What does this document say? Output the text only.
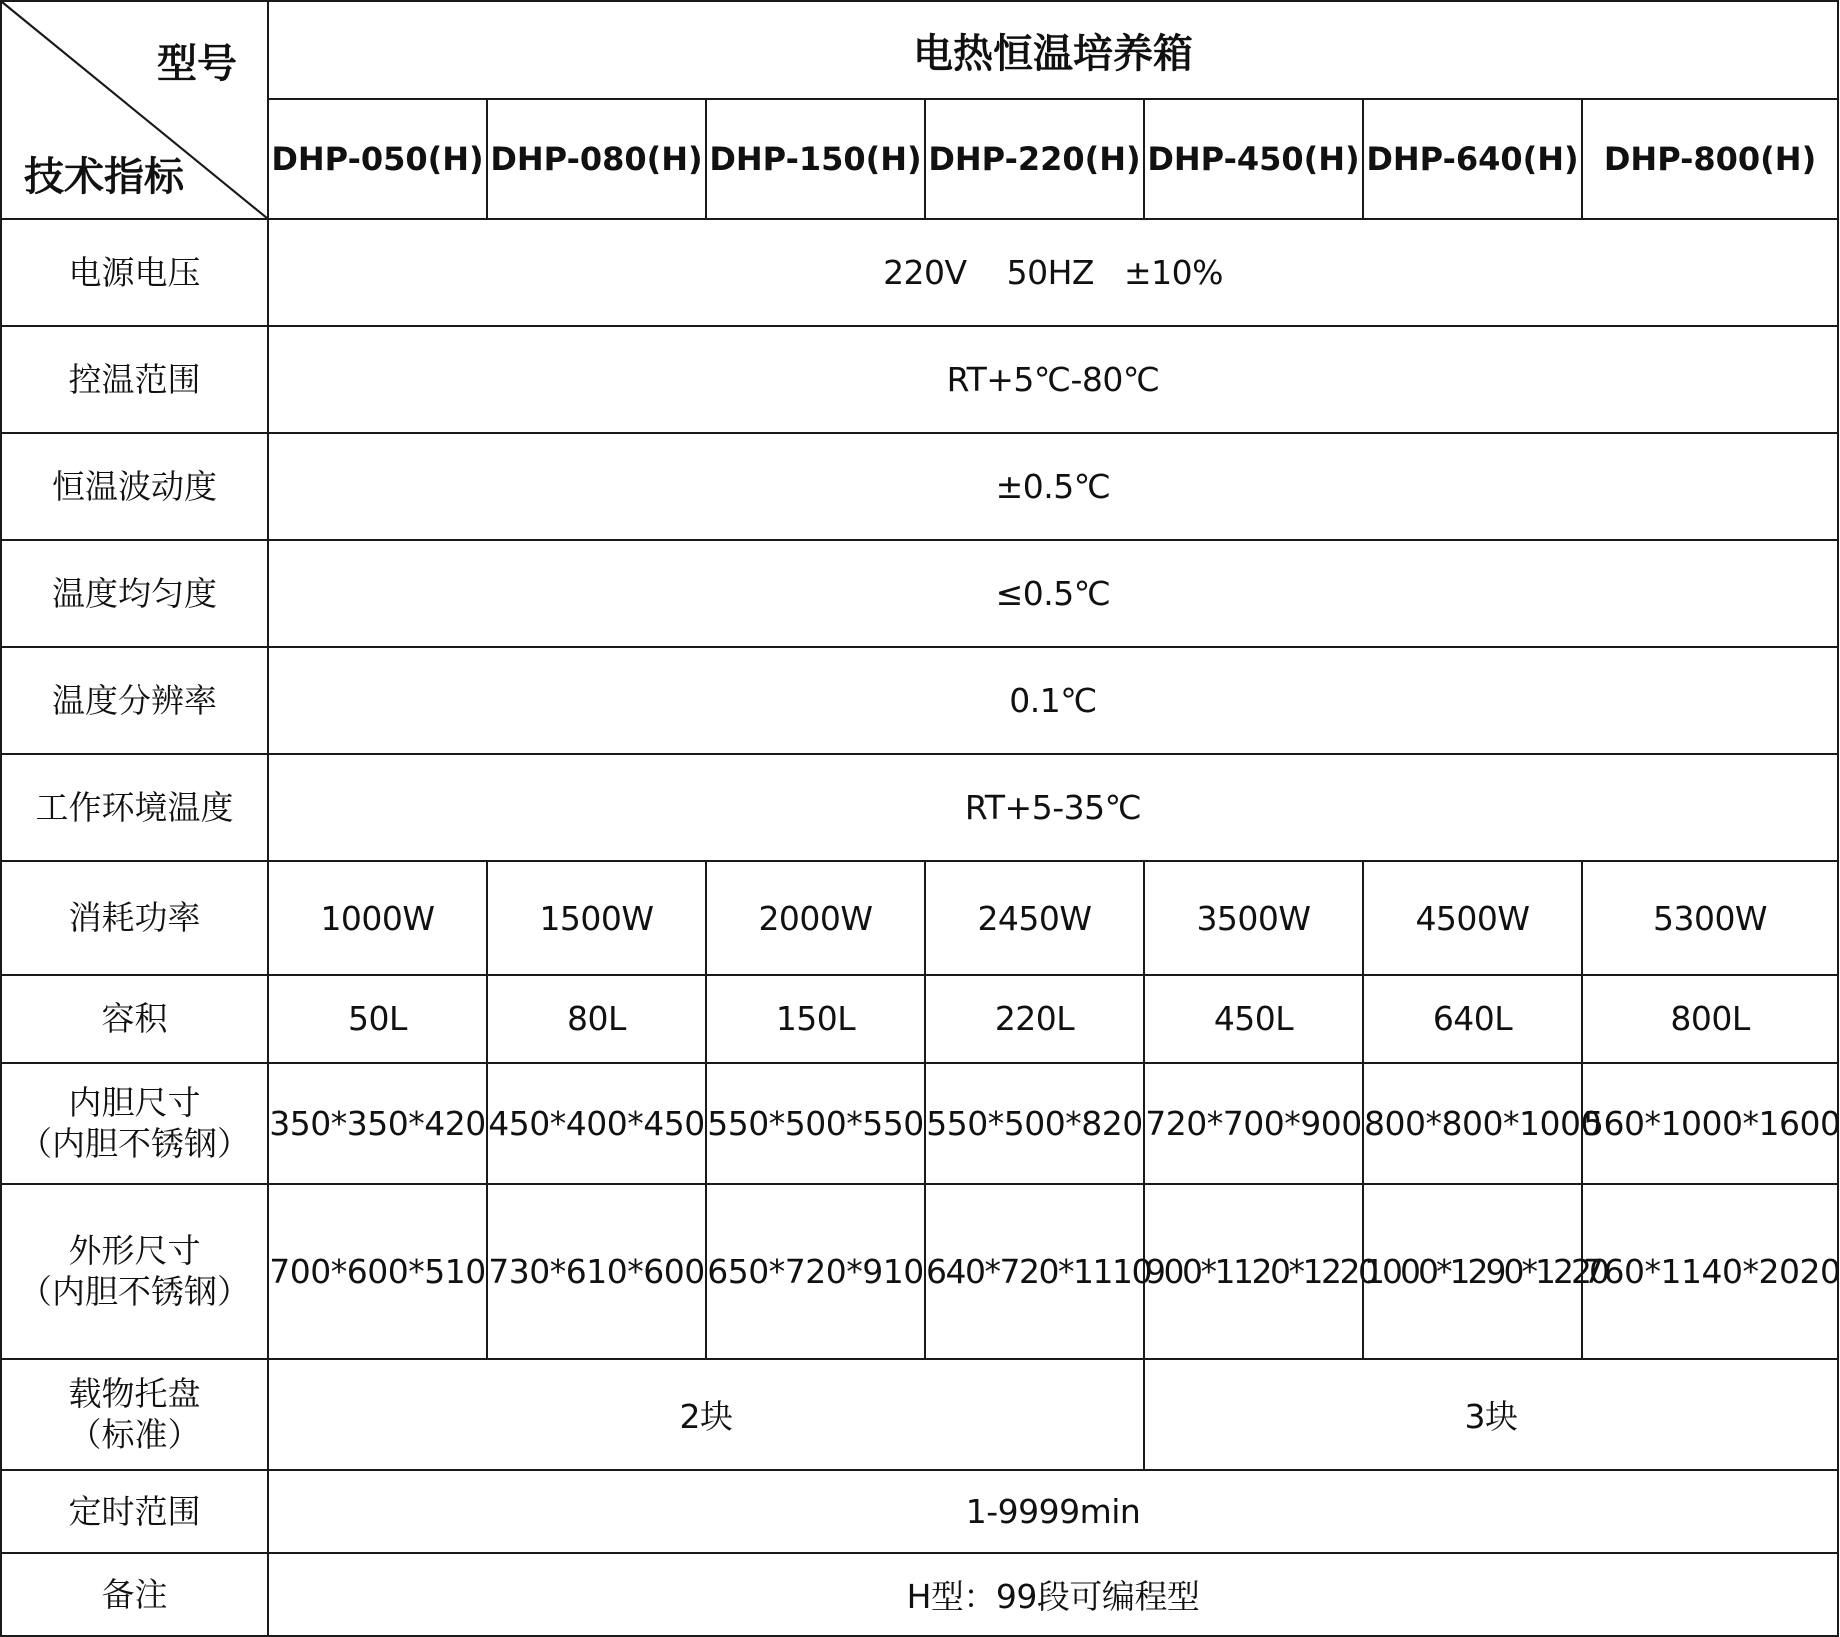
型号
技术指标	电热恒温培养箱						
	DHP-050(H)	DHP-080(H)	DHP-150(H)	DHP-220(H)	DHP-450(H)	DHP-640(H)	DHP-800(H)
电源电压	220V    50HZ   ±10%						
控温范围	RT+5℃-80℃						
恒温波动度	±0.5℃						
温度均匀度	≤0.5℃						
温度分辨率	0.1℃						
工作环境温度	RT+5-35℃						
消耗功率	1000W	1500W	2000W	2450W	3500W	4500W	5300W
容积	50L	80L	150L	220L	450L	640L	800L

内胆尺寸
（内胆不锈钢）	350*350*420	450*400*450	550*500*550	550*500*820	720*700*900	800*800*1000	560*1000*1600

外形尺寸
（内胆不锈钢）	700*600*510	730*610*600	650*720*910	640*720*1110	900*1120*1220	1000*1290*1220	760*1140*2020

载物托盘
（标准）	2块				3块		
定时范围	1-9999min						
备注	H型：99段可编程型						
